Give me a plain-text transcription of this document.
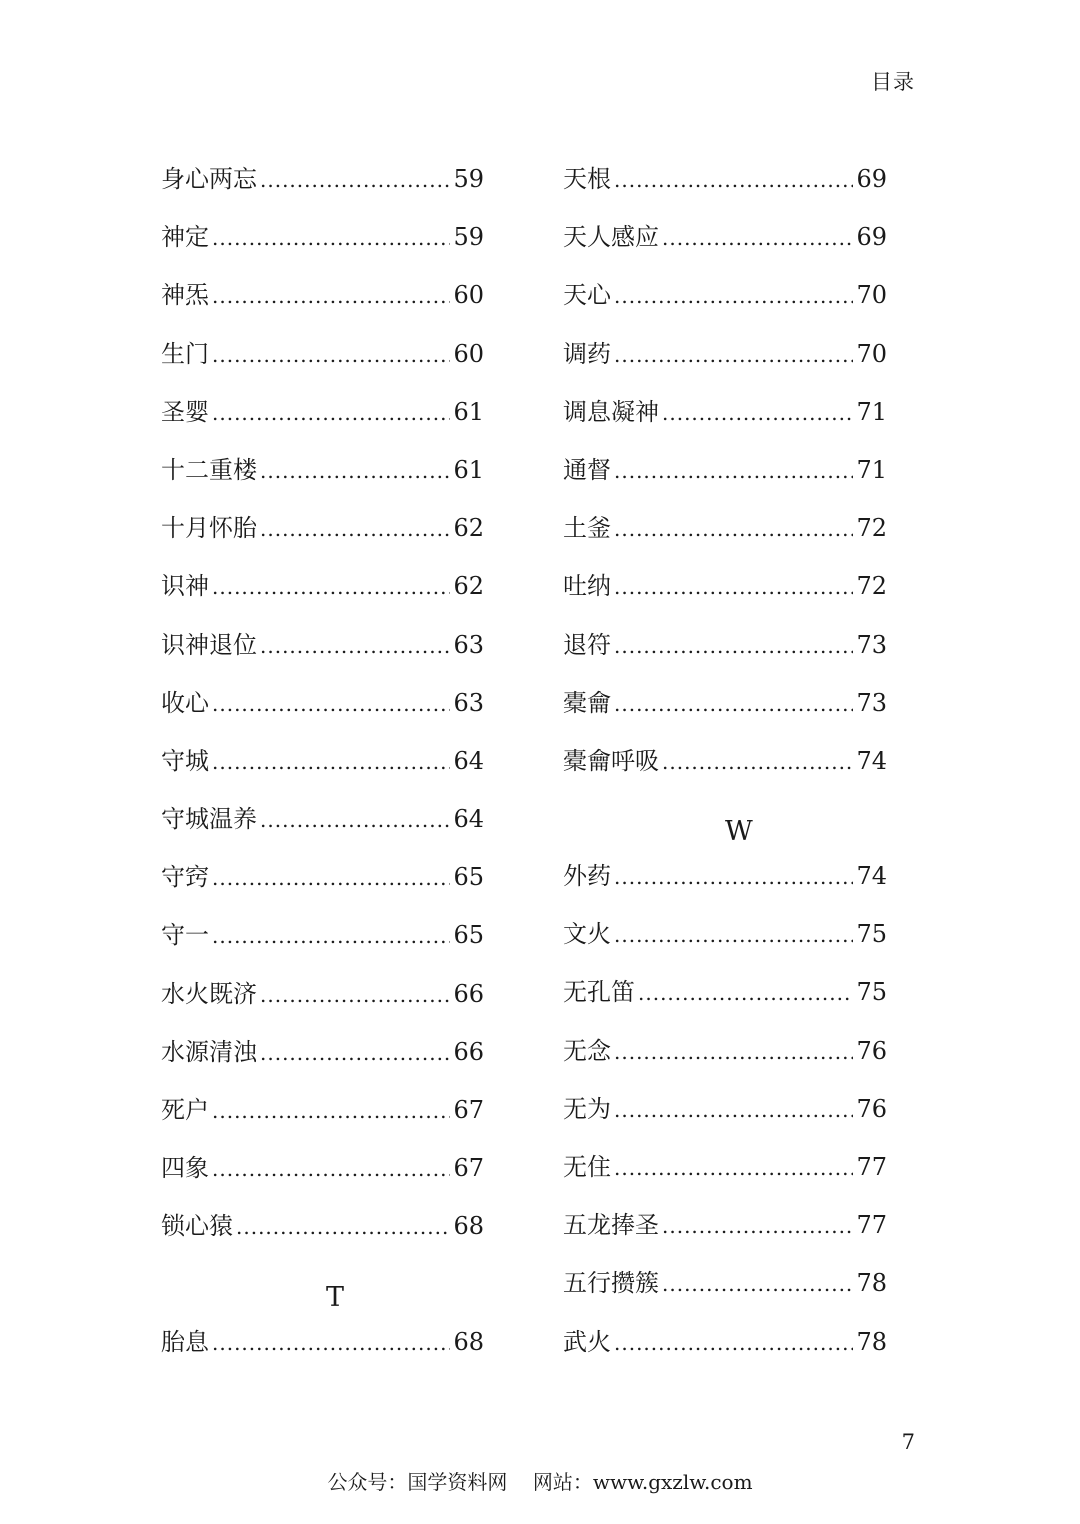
目录
身心两忘 .....	59
神定 .....	59
神炁 .....	60
生门 .....	60
圣婴 .....	61
十二重楼 .....	61
十月怀胎 .....	62
识神 .....	62
识神退位 .....	63
收心 .....	63
守城 .....	64
守城温养 .....	64
守窍 .....	65
守一 .....	65
水火既济 .....	66
水源清浊 .....	66
死户 .....	67
四象 .....	67
锁心猿 .....	68
胎息 .....	68
天根 .....	69
天人感应 .....	69
天心 .....	70
调药 .....	70
调息凝神 .....	71
通督 .....	71
土釜 .....	72
吐纳 .....	72
退符 .....	73
橐龠 .....	73
橐龠呼吸 .....	74
外药 .....	74
文火 .....	75
无孔笛 .....	75
无念 .....	76
无为 .....	76
无住 .....	77
五龙捧圣 .....	77
五行攒簇 .....	78
武火 .....	78
T
W
7
公众号：国学资料网 网站：www.gxzlw.com
